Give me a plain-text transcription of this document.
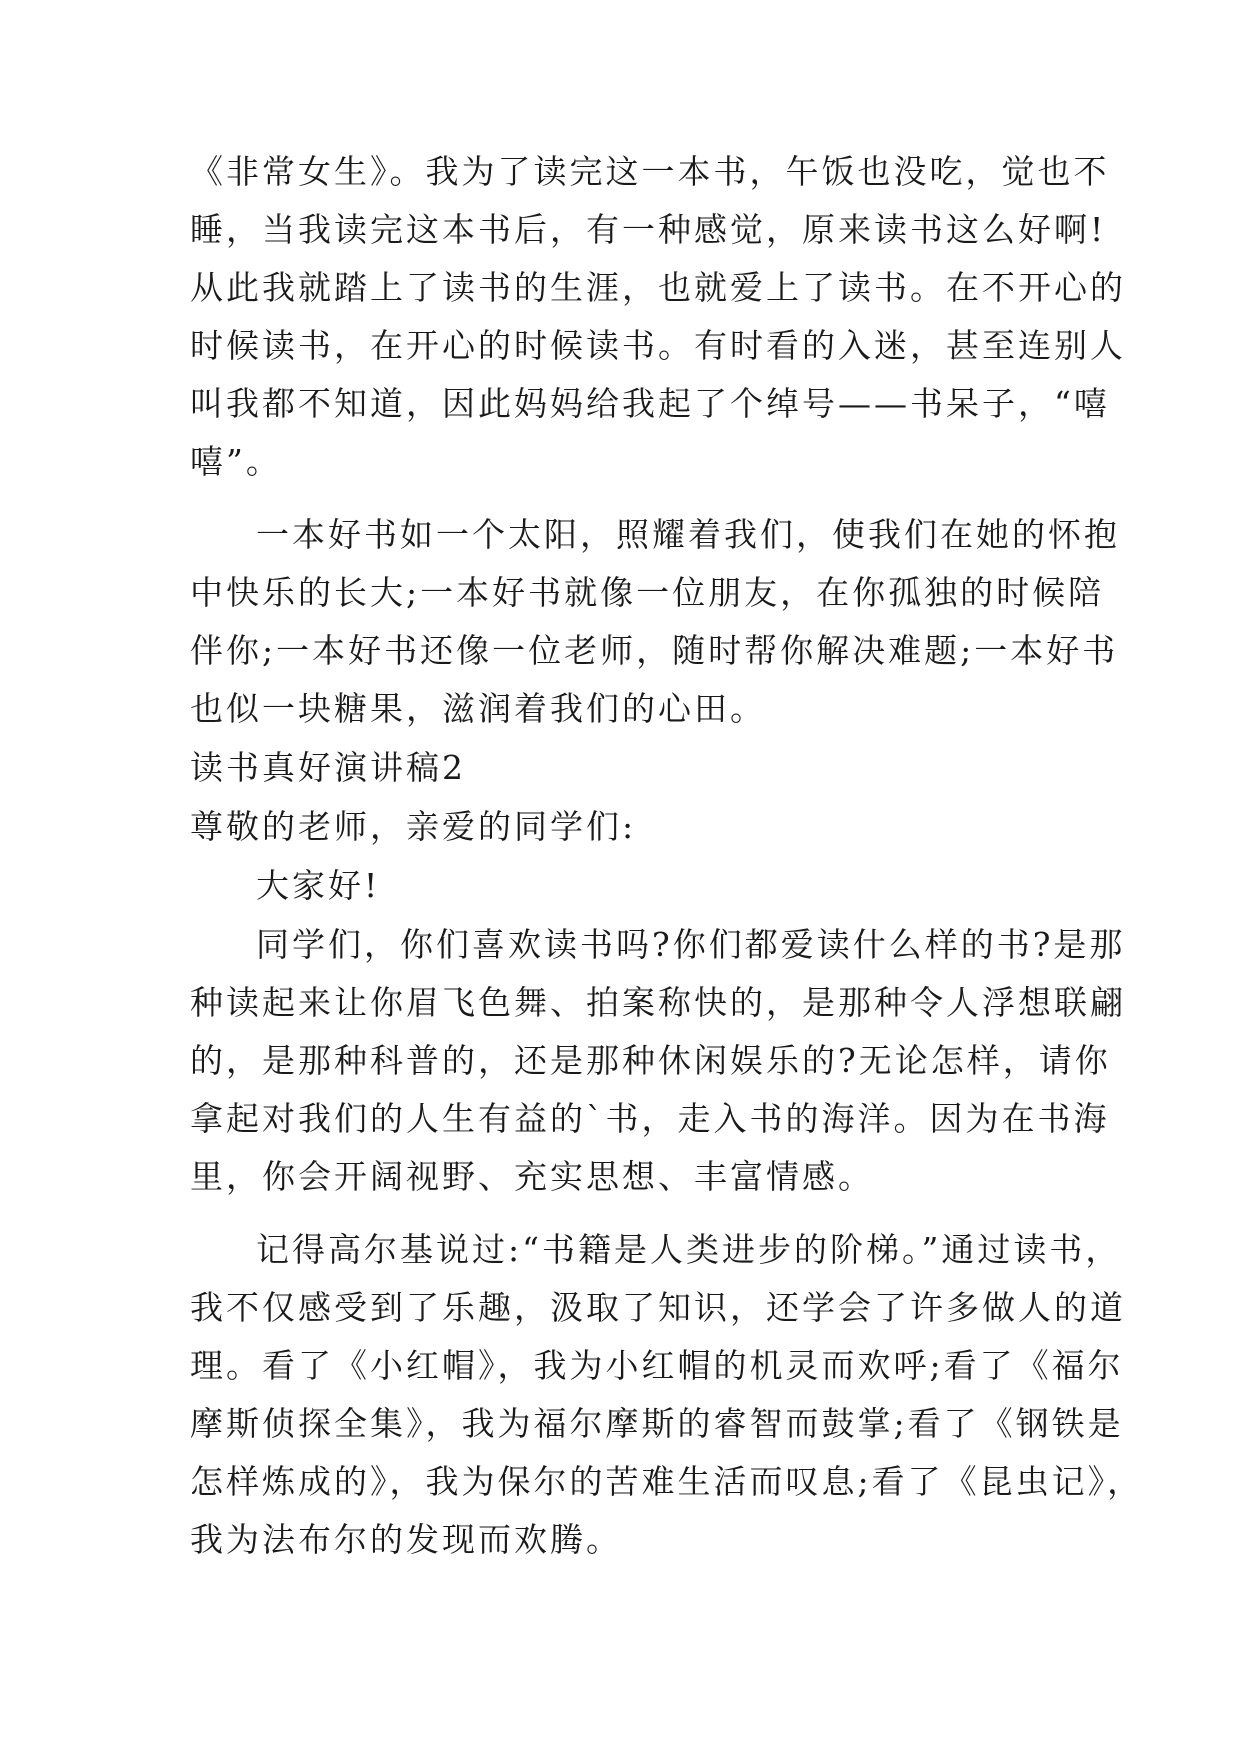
《非常女生》。我为了读完这一本书，午饭也没吃，觉也不
睡，当我读完这本书后，有一种感觉，原来读书这么好啊!
从此我就踏上了读书的生涯，也就爱上了读书。在不开心的
时候读书，在开心的时候读书。有时看的入迷，甚至连别人
叫我都不知道，因此妈妈给我起了个绰号——书呆子，“嘻
嘻”。
一本好书如一个太阳，照耀着我们，使我们在她的怀抱
中快乐的长大;一本好书就像一位朋友，在你孤独的时候陪
伴你;一本好书还像一位老师，随时帮你解决难题;一本好书
也似一块糖果，滋润着我们的心田。
读书真好演讲稿2
尊敬的老师，亲爱的同学们:
大家好!
同学们，你们喜欢读书吗?你们都爱读什么样的书?是那
种读起来让你眉飞色舞、拍案称快的，是那种令人浮想联翩
的，是那种科普的，还是那种休闲娱乐的?无论怎样，请你
拿起对我们的人生有益的`书，走入书的海洋。因为在书海
里，你会开阔视野、充实思想、丰富情感。
记得高尔基说过:“书籍是人类进步的阶梯。”通过读书，
我不仅感受到了乐趣，汲取了知识，还学会了许多做人的道
理。看了《小红帽》，我为小红帽的机灵而欢呼;看了《福尔
摩斯侦探全集》，我为福尔摩斯的睿智而鼓掌;看了《钢铁是
怎样炼成的》，我为保尔的苦难生活而叹息;看了《昆虫记》，
我为法布尔的发现而欢腾。
